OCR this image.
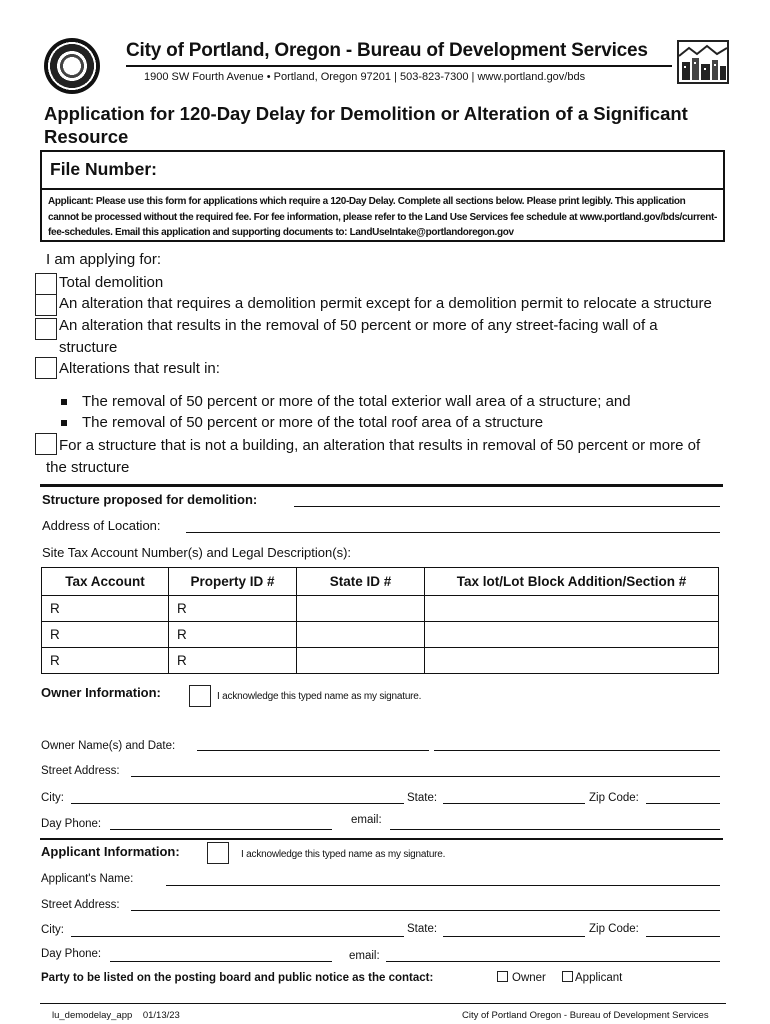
City of Portland, Oregon - Bureau of Development Services
1900 SW Fourth Avenue • Portland, Oregon 97201 | 503-823-7300 | www.portland.gov/bds
Application for 120-Day Delay for Demolition or Alteration of a Significant Resource
File Number:
Applicant: Please use this form for applications which require a 120-Day Delay. Complete all sections below. Please print legibly. This application cannot be processed without the required fee. For fee information, please refer to the Land Use Services fee schedule at www.portland.gov/bds/current-fee-schedules. Email this application and supporting documents to: LandUseIntake@portlandoregon.gov
I am applying for:
Total demolition
An alteration that requires a demolition permit except for a demolition permit to relocate a structure
An alteration that results in the removal of 50 percent or more of any street-facing wall of a
structure
Alterations that result in:
The removal of 50 percent or more of the total exterior wall area of a structure; and
The removal of 50 percent or more of the total roof area of a structure
For a structure that is not a building, an alteration that results in removal of 50 percent or more of
the structure
Structure proposed for demolition:
Address of Location:
Site Tax Account Number(s) and Legal Description(s):
Tax Account	Property ID #	State ID #	Tax lot/Lot Block Addition/Section #
R	R		
R	R		
R	R		
Owner Information:	I acknowledge this typed name as my signature.
Owner Name(s) and Date:
Street Address:
City:	State:	Zip Code:
Day Phone:	email:
Applicant Information:	I acknowledge this typed name as my signature.
Applicant's Name:
Street Address:
City:	State:	Zip Code:
Day Phone:	email:
Party to be listed on the posting board and public notice as the contact:	Owner	Applicant
lu_demodelay_app    01/13/23	City of Portland Oregon - Bureau of Development Services
